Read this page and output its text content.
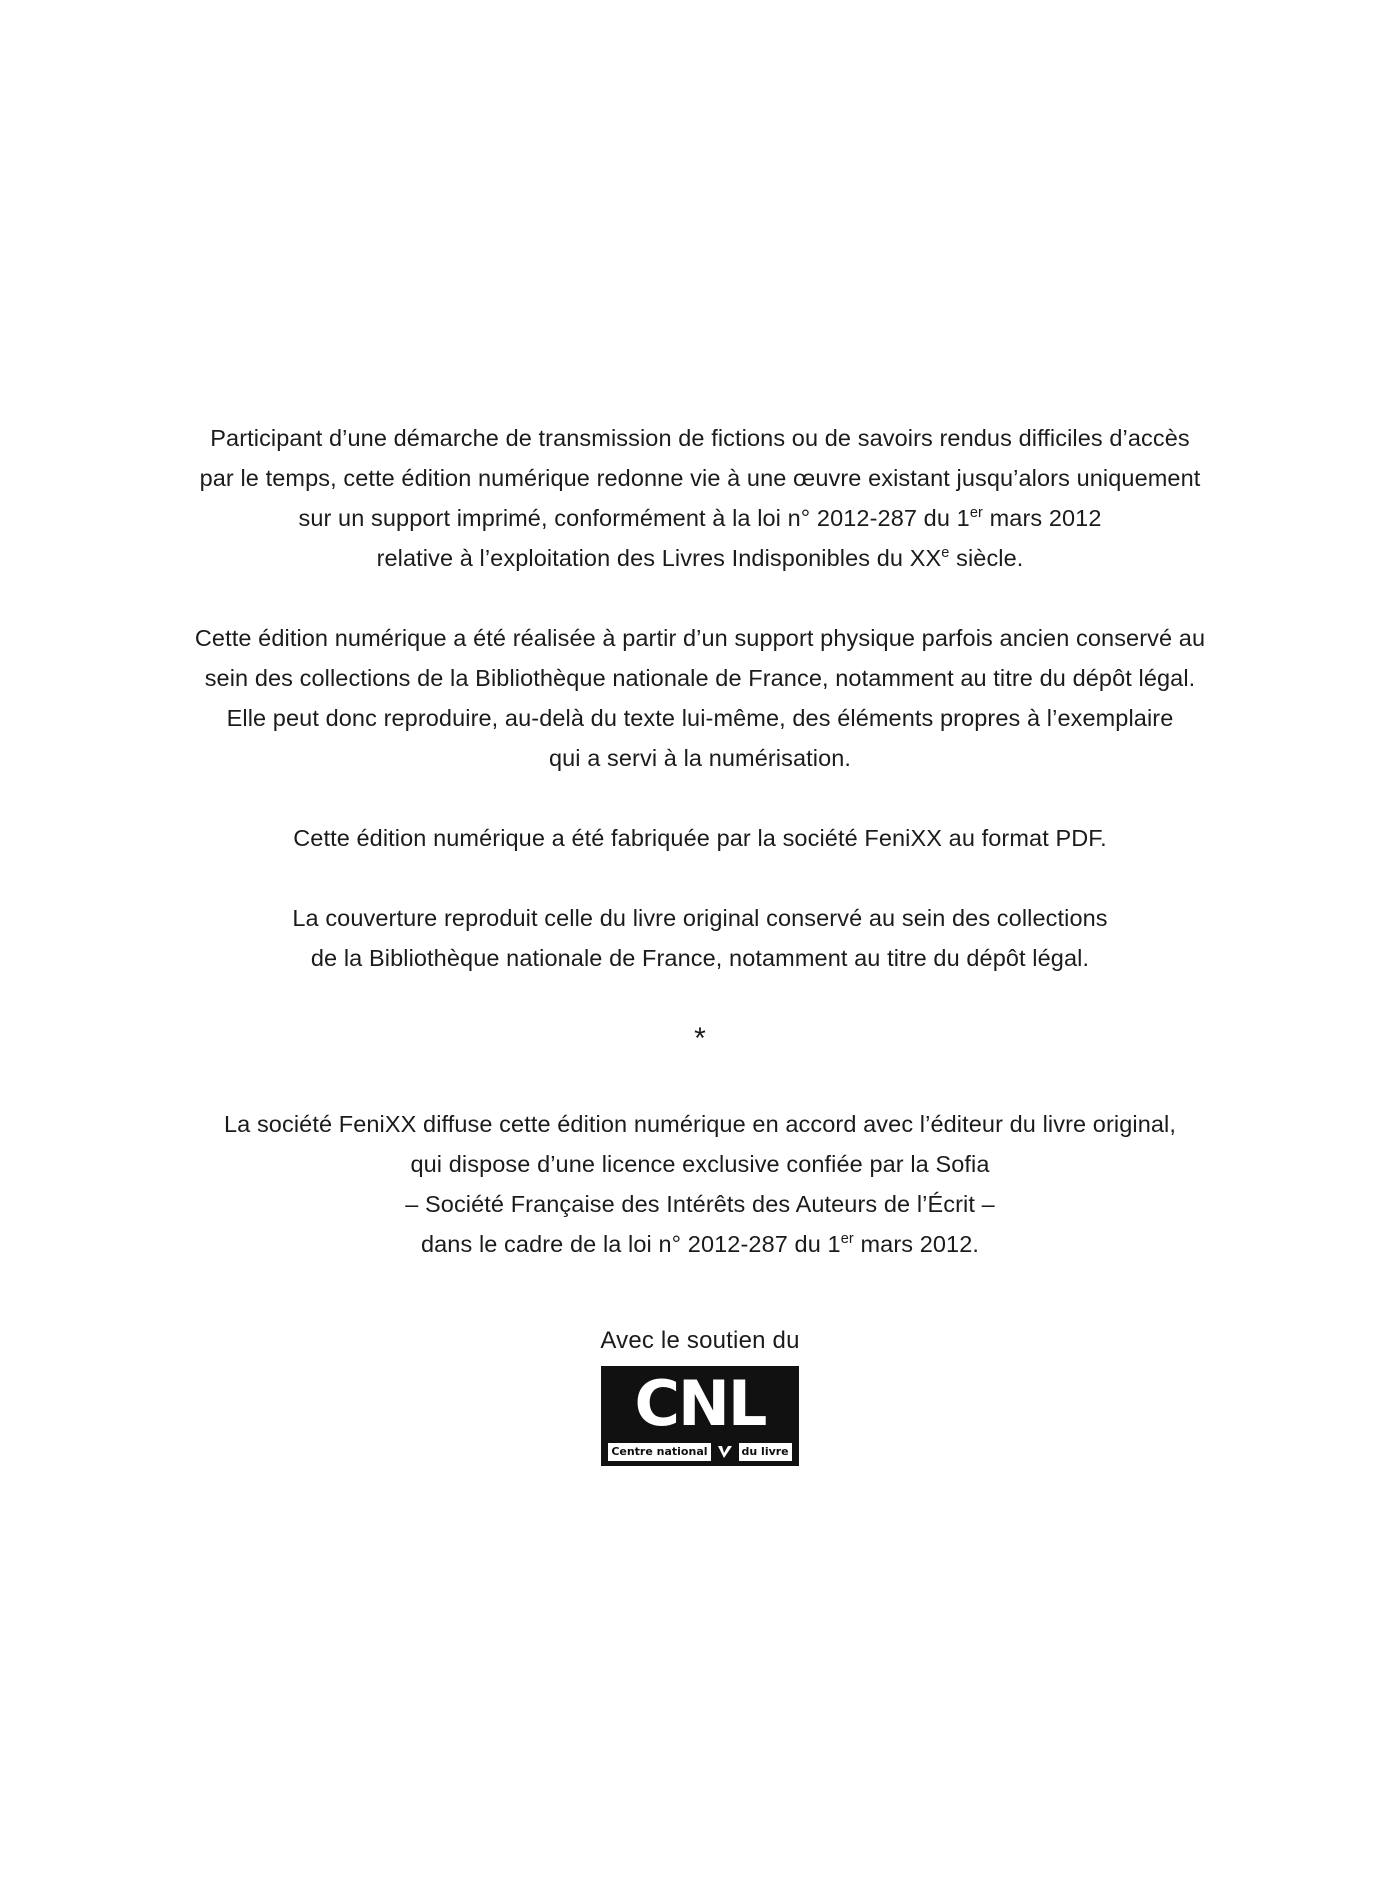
Participant d’une démarche de transmission de fictions ou de savoirs rendus difficiles d’accès
par le temps, cette édition numérique redonne vie à une œuvre existant jusqu’alors uniquement
sur un support imprimé, conformément à la loi n° 2012-287 du 1er mars 2012
relative à l’exploitation des Livres Indisponibles du XXe siècle.

Cette édition numérique a été réalisée à partir d’un support physique parfois ancien conservé au
sein des collections de la Bibliothèque nationale de France, notamment au titre du dépôt légal.
Elle peut donc reproduire, au-delà du texte lui-même, des éléments propres à l’exemplaire
qui a servi à la numérisation.

Cette édition numérique a été fabriquée par la société FeniXX au format PDF.

La couverture reproduit celle du livre original conservé au sein des collections
de la Bibliothèque nationale de France, notamment au titre du dépôt légal.

*

La société FeniXX diffuse cette édition numérique en accord avec l’éditeur du livre original,
qui dispose d’une licence exclusive confiée par la Sofia
– Société Française des Intérêts des Auteurs de l’Écrit –
dans le cadre de la loi n° 2012-287 du 1er mars 2012.

Avec le soutien du
CNL
Centre national	du livre
